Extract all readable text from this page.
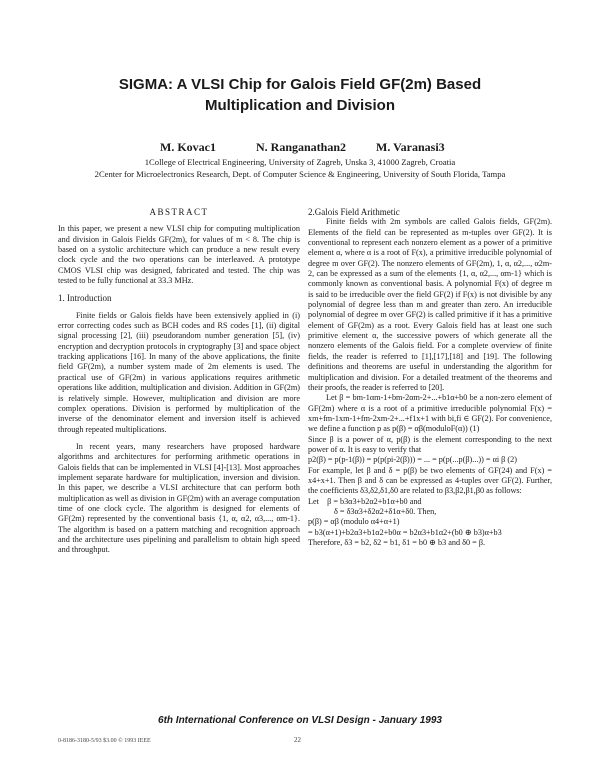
SIGMA: A VLSI Chip for Galois Field GF(2m) Based
Multiplication and Division
M. Kovac1	N. Ranganathan2 M. Varanasi3
1College of Electrical Engineering, University of Zagreb, Unska 3, 41000 Zagreb, Croatia
2Center for Microelectronics Research, Dept. of Computer Science & Engineering, University of South Florida, Tampa

ABSTRACT

In this paper, we present a new VLSI chip for computing multiplication and division in Galois Fields GF(2m), for values of m < 8. The chip is based on a systolic architecture which can produce a new result every clock cycle and the two operations can be interleaved. A prototype CMOS VLSI chip was designed, fabricated and tested. The chip was tested to be fully functional at 33.3 MHz.

1. Introduction

Finite fields or Galois fields have been extensively applied in (i) error correcting codes such as BCH codes and RS codes [1], (ii) digital signal processing [2], (iii) pseudorandom number generation [5], (iv) encryption and decryption protocols in cryptography [3] and space object tracking applications [16]. In many of the above applications, the finite field GF(2m), a number system made of 2m elements is used. The practical use of GF(2m) in various applications requires arithmetic operations like addition, multiplication and division. Addition in GF(2m) is relatively simple. However, multiplication and division are more complex operations. Division is performed by multiplication of the inverse of the denominator element and inversion itself is achieved through repeated multiplications.

In recent years, many researchers have proposed hardware algorithms and architectures for performing arithmetic operations in Galois fields that can be implemented in VLSI [4]-[13]. Most approaches implement separate hardware for multiplication, inversion and division. In this paper, we describe a VLSI architecture that can perform both multiplication as well as division in GF(2m) with an average computation time of one clock cycle. The algorithm is designed for elements of GF(2m) represented by the conventional basis {1, α, α2, α3,..., αm-1}. The algorithm is based on a pattern matching and recognition approach and the architecture uses pipelining and parallelism to obtain high speed and throughput.

2.Galois Field Arithmetic

Finite fields with 2m symbols are called Galois fields, GF(2m). Elements of the field can be represented as m-tuples over GF(2). It is conventional to represent each nonzero element as a power of a primitive element α, where α is a root of F(x), a primitive irreducible polynomial of degree m over GF(2). The nonzero elements of GF(2m), 1, α, α2,..., α2m-2, can be expressed as a sum of the elements {1, α, α2,..., αm-1} which is commonly known as conventional basis. A polynomial F(x) of degree m is said to be irreducible over the field GF(2) if F(x) is not divisible by any polynomial of degree less than m and greater than zero. An irreducible polynomial of degree m over GF(2) is called primitive if it has a primitive element of GF(2m) as a root. Every Galois field has at least one such primitive element α, the successive powers of which generate all the nonzero elements of the Galois field. For a complete overview of finite fields, the reader is referred to [1],[17],[18] and [19]. The following definitions and theorems are useful in understanding the algorithm for multiplication and division. For a detailed treatment of the theorems and their proofs, the reader is referred to [20].

Let β = bm-1αm-1+bm-2αm-2+...+b1α+b0 be a non-zero element of GF(2m) where α is a root of a primitive irreducible polynomial F(x) = xm+fm-1xm-1+fm-2xm-2+...+f1x+1 with bi,fi ∈ GF(2). For convenience, we define a function p as p(β) = αβ(moduloF(α)) (1)

Since β is a power of α, p(β) is the element corresponding to the next power of α. It is easy to verify that

p2(β) = p(p-1(β)) = p(p(pi-2(β))) = ... = p(p(...p(β)...)) = αi β (2)

For example, let β and δ = p(β) be two elements of GF(24) and F(x) = x4+x+1. Then β and δ can be expressed as 4-tuples over GF(2). Further, the coefficients δ3,δ2,δ1,δ0 are related to β3,β2,β1,β0 as follows:

Let β = b3α3+b2α2+b1α+b0 and

δ = δ3α3+δ2α2+δ1α+δ0. Then,

p(β) = αβ (modulo α4+α+1)

= b3(α+1)+b2α3+b1α2+b0α = b2α3+b1α2+(b0 ⊕ b3)α+b3

Therefore, δ3 = b2, δ2 = b1, δ1 = b0 ⊕ b3 and δ0 = β.

6th International Conference on VLSI Design - January 1993
0-8186-3180-5/93 $3.00 © 1993 IEEE	22
